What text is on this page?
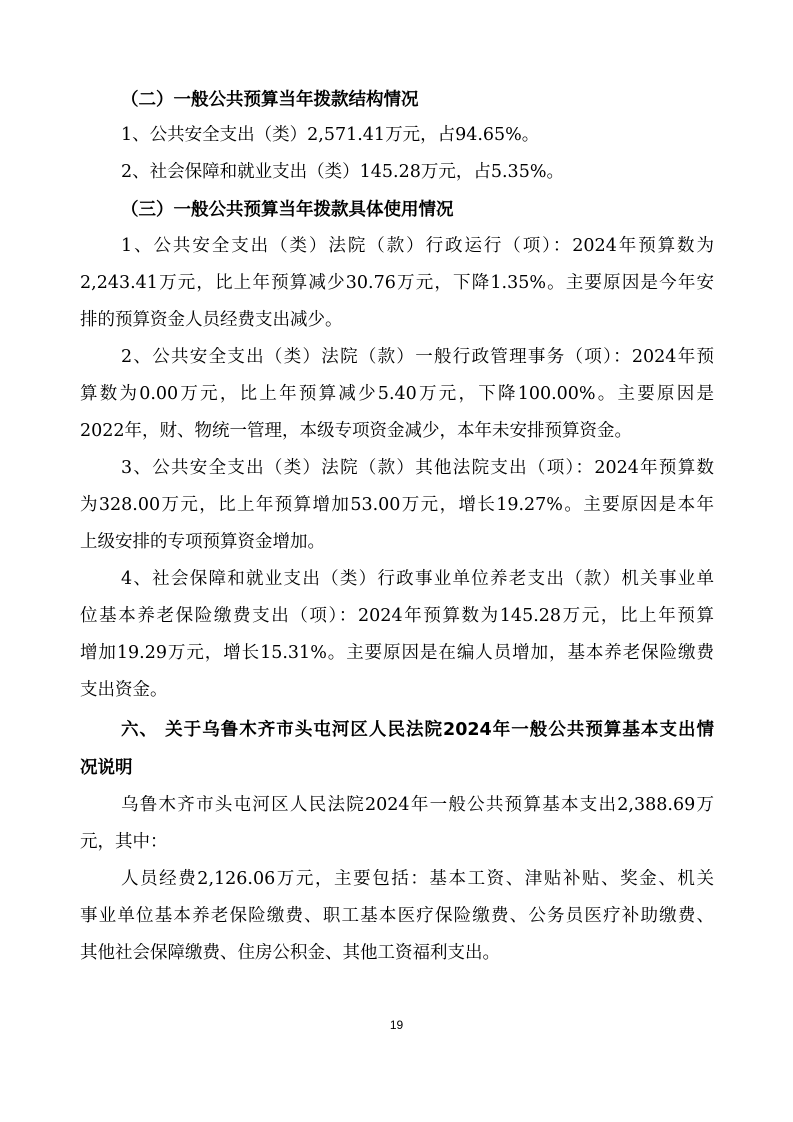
（二）一般公共预算当年拨款结构情况
1、公共安全支出（类）2,571.41万元，占94.65%。
2、社会保障和就业支出（类）145.28万元，占5.35%。
（三）一般公共预算当年拨款具体使用情况
1、公共安全支出（类）法院（款）行政运行（项）：2024年预算数为
2,243.41万元，比上年预算减少30.76万元，下降1.35%。主要原因是今年安
排的预算资金人员经费支出减少。
2、公共安全支出（类）法院（款）一般行政管理事务（项）：2024年预
算数为0.00万元，比上年预算减少5.40万元，下降100.00%。主要原因是
2022年，财、物统一管理，本级专项资金减少，本年未安排预算资金。
3、公共安全支出（类）法院（款）其他法院支出（项）：2024年预算数
为328.00万元，比上年预算增加53.00万元，增长19.27%。主要原因是本年
上级安排的专项预算资金增加。
4、社会保障和就业支出（类）行政事业单位养老支出（款）机关事业单
位基本养老保险缴费支出（项）：2024年预算数为145.28万元，比上年预算
增加19.29万元，增长15.31%。主要原因是在编人员增加，基本养老保险缴费
支出资金。
六、 关于乌鲁木齐市头屯河区人民法院2024年一般公共预算基本支出情
况说明
乌鲁木齐市头屯河区人民法院2024年一般公共预算基本支出2,388.69万
元，其中：
人员经费2,126.06万元，主要包括：基本工资、津贴补贴、奖金、机关
事业单位基本养老保险缴费、职工基本医疗保险缴费、公务员医疗补助缴费、
其他社会保障缴费、住房公积金、其他工资福利支出。
19
